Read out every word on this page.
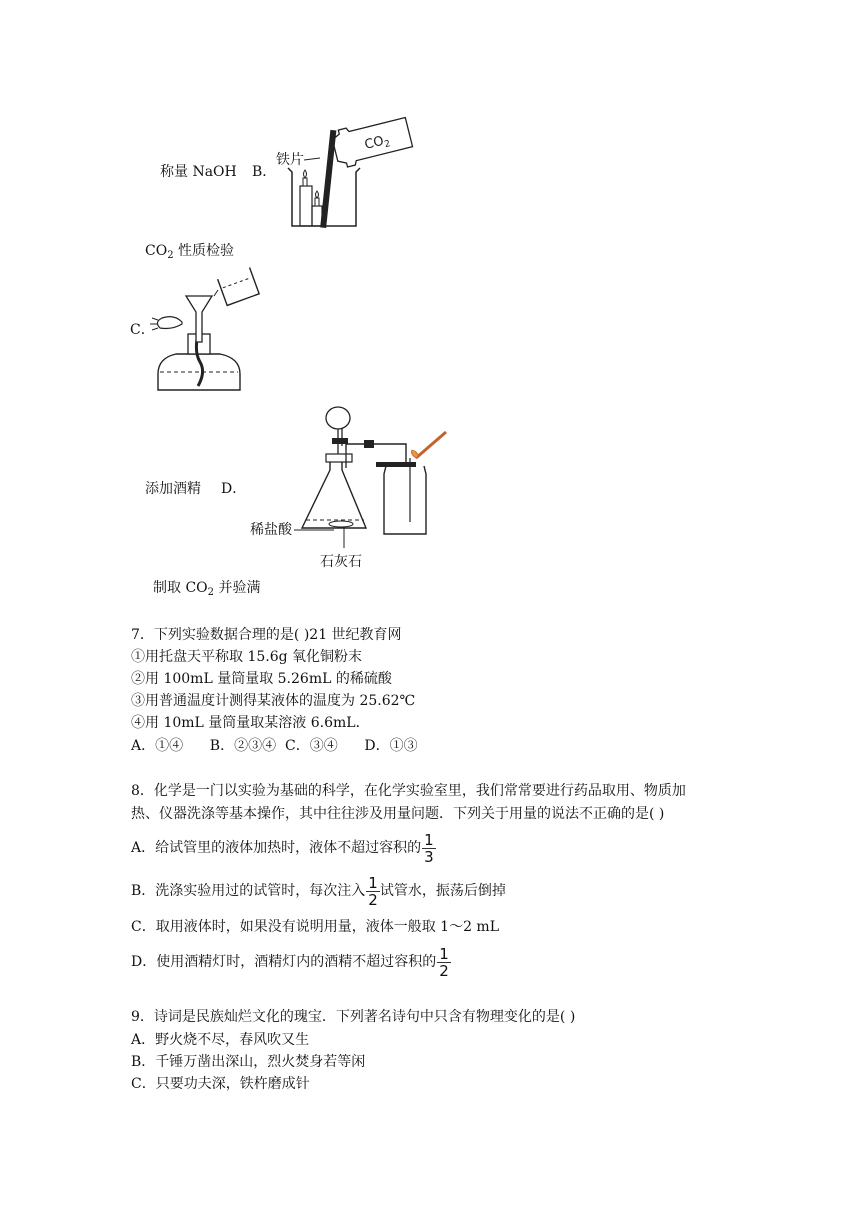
称量 NaOH B．
$CO_2$
铁片
$CO_2$ 性质检验
C．
添加酒精 D．
稀盐酸
石灰石
制取 $CO_2$ 并验满
7．下列实验数据合理的是( )21 世纪教育网
①用托盘天平称取 15.6g 氧化铜粉末
②用 100mL 量筒量取 5.26mL 的稀硫酸
③用普通温度计测得某液体的温度为 25.62℃
④用 10mL 量筒量取某溶液 6.6mL．
A．①④      B．②③④  C．③④      D．①③
8．化学是一门以实验为基础的科学，在化学实验室里，我们常常要进行药品取用、物质加
热、仪器洗涤等基本操作，其中往往涉及用量问题．下列关于用量的说法不正确的是( )
A．给试管里的液体加热时，液体不超过容积的 $\frac{1}{3}$
B．洗涤实验用过的试管时，每次注入 $\frac{1}{2}$ 试管水，振荡后倒掉
C．取用液体时，如果没有说明用量，液体一般取 1～2 mL
D．使用酒精灯时，酒精灯内的酒精不超过容积的 $\frac{1}{2}$
9．诗词是民族灿烂文化的瑰宝．下列著名诗句中只含有物理变化的是( )
A．野火烧不尽，春风吹又生
B．千锤万凿出深山，烈火焚身若等闲
C．只要功夫深，铁杵磨成针
